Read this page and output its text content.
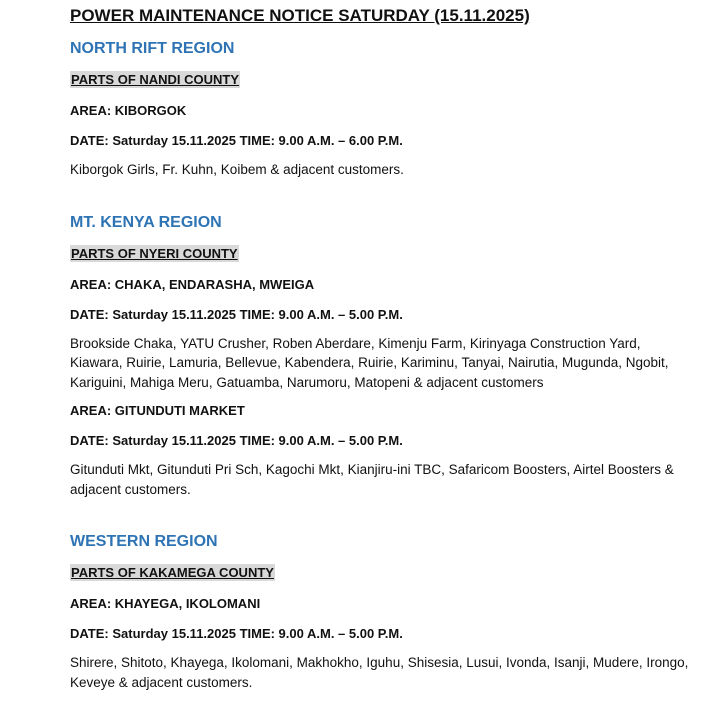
POWER MAINTENANCE NOTICE SATURDAY (15.11.2025)
NORTH RIFT REGION
PARTS OF NANDI COUNTY
AREA: KIBORGOK
DATE: Saturday 15.11.2025 TIME: 9.00 A.M. – 6.00 P.M.
Kiborgok Girls, Fr. Kuhn, Koibem & adjacent customers.
MT. KENYA REGION
PARTS OF NYERI COUNTY
AREA: CHAKA, ENDARASHA, MWEIGA
DATE: Saturday 15.11.2025 TIME: 9.00 A.M. – 5.00 P.M.
Brookside Chaka, YATU Crusher, Roben Aberdare, Kimenju Farm, Kirinyaga Construction Yard, Kiawara, Ruirie, Lamuria, Bellevue, Kabendera, Ruirie, Kariminu, Tanyai, Nairutia, Mugunda, Ngobit, Kariguini, Mahiga Meru, Gatuamba, Narumoru, Matopeni & adjacent customers
AREA: GITUNDUTI MARKET
DATE: Saturday 15.11.2025 TIME: 9.00 A.M. – 5.00 P.M.
Gitunduti Mkt, Gitunduti Pri Sch, Kagochi Mkt, Kianjiru-ini TBC, Safaricom Boosters, Airtel Boosters & adjacent customers.
WESTERN REGION
PARTS OF KAKAMEGA COUNTY
AREA: KHAYEGA, IKOLOMANI
DATE: Saturday 15.11.2025 TIME: 9.00 A.M. – 5.00 P.M.
Shirere, Shitoto, Khayega, Ikolomani, Makhokho, Iguhu, Shisesia, Lusui, Ivonda, Isanji, Mudere, Irongo, Keveye & adjacent customers.
